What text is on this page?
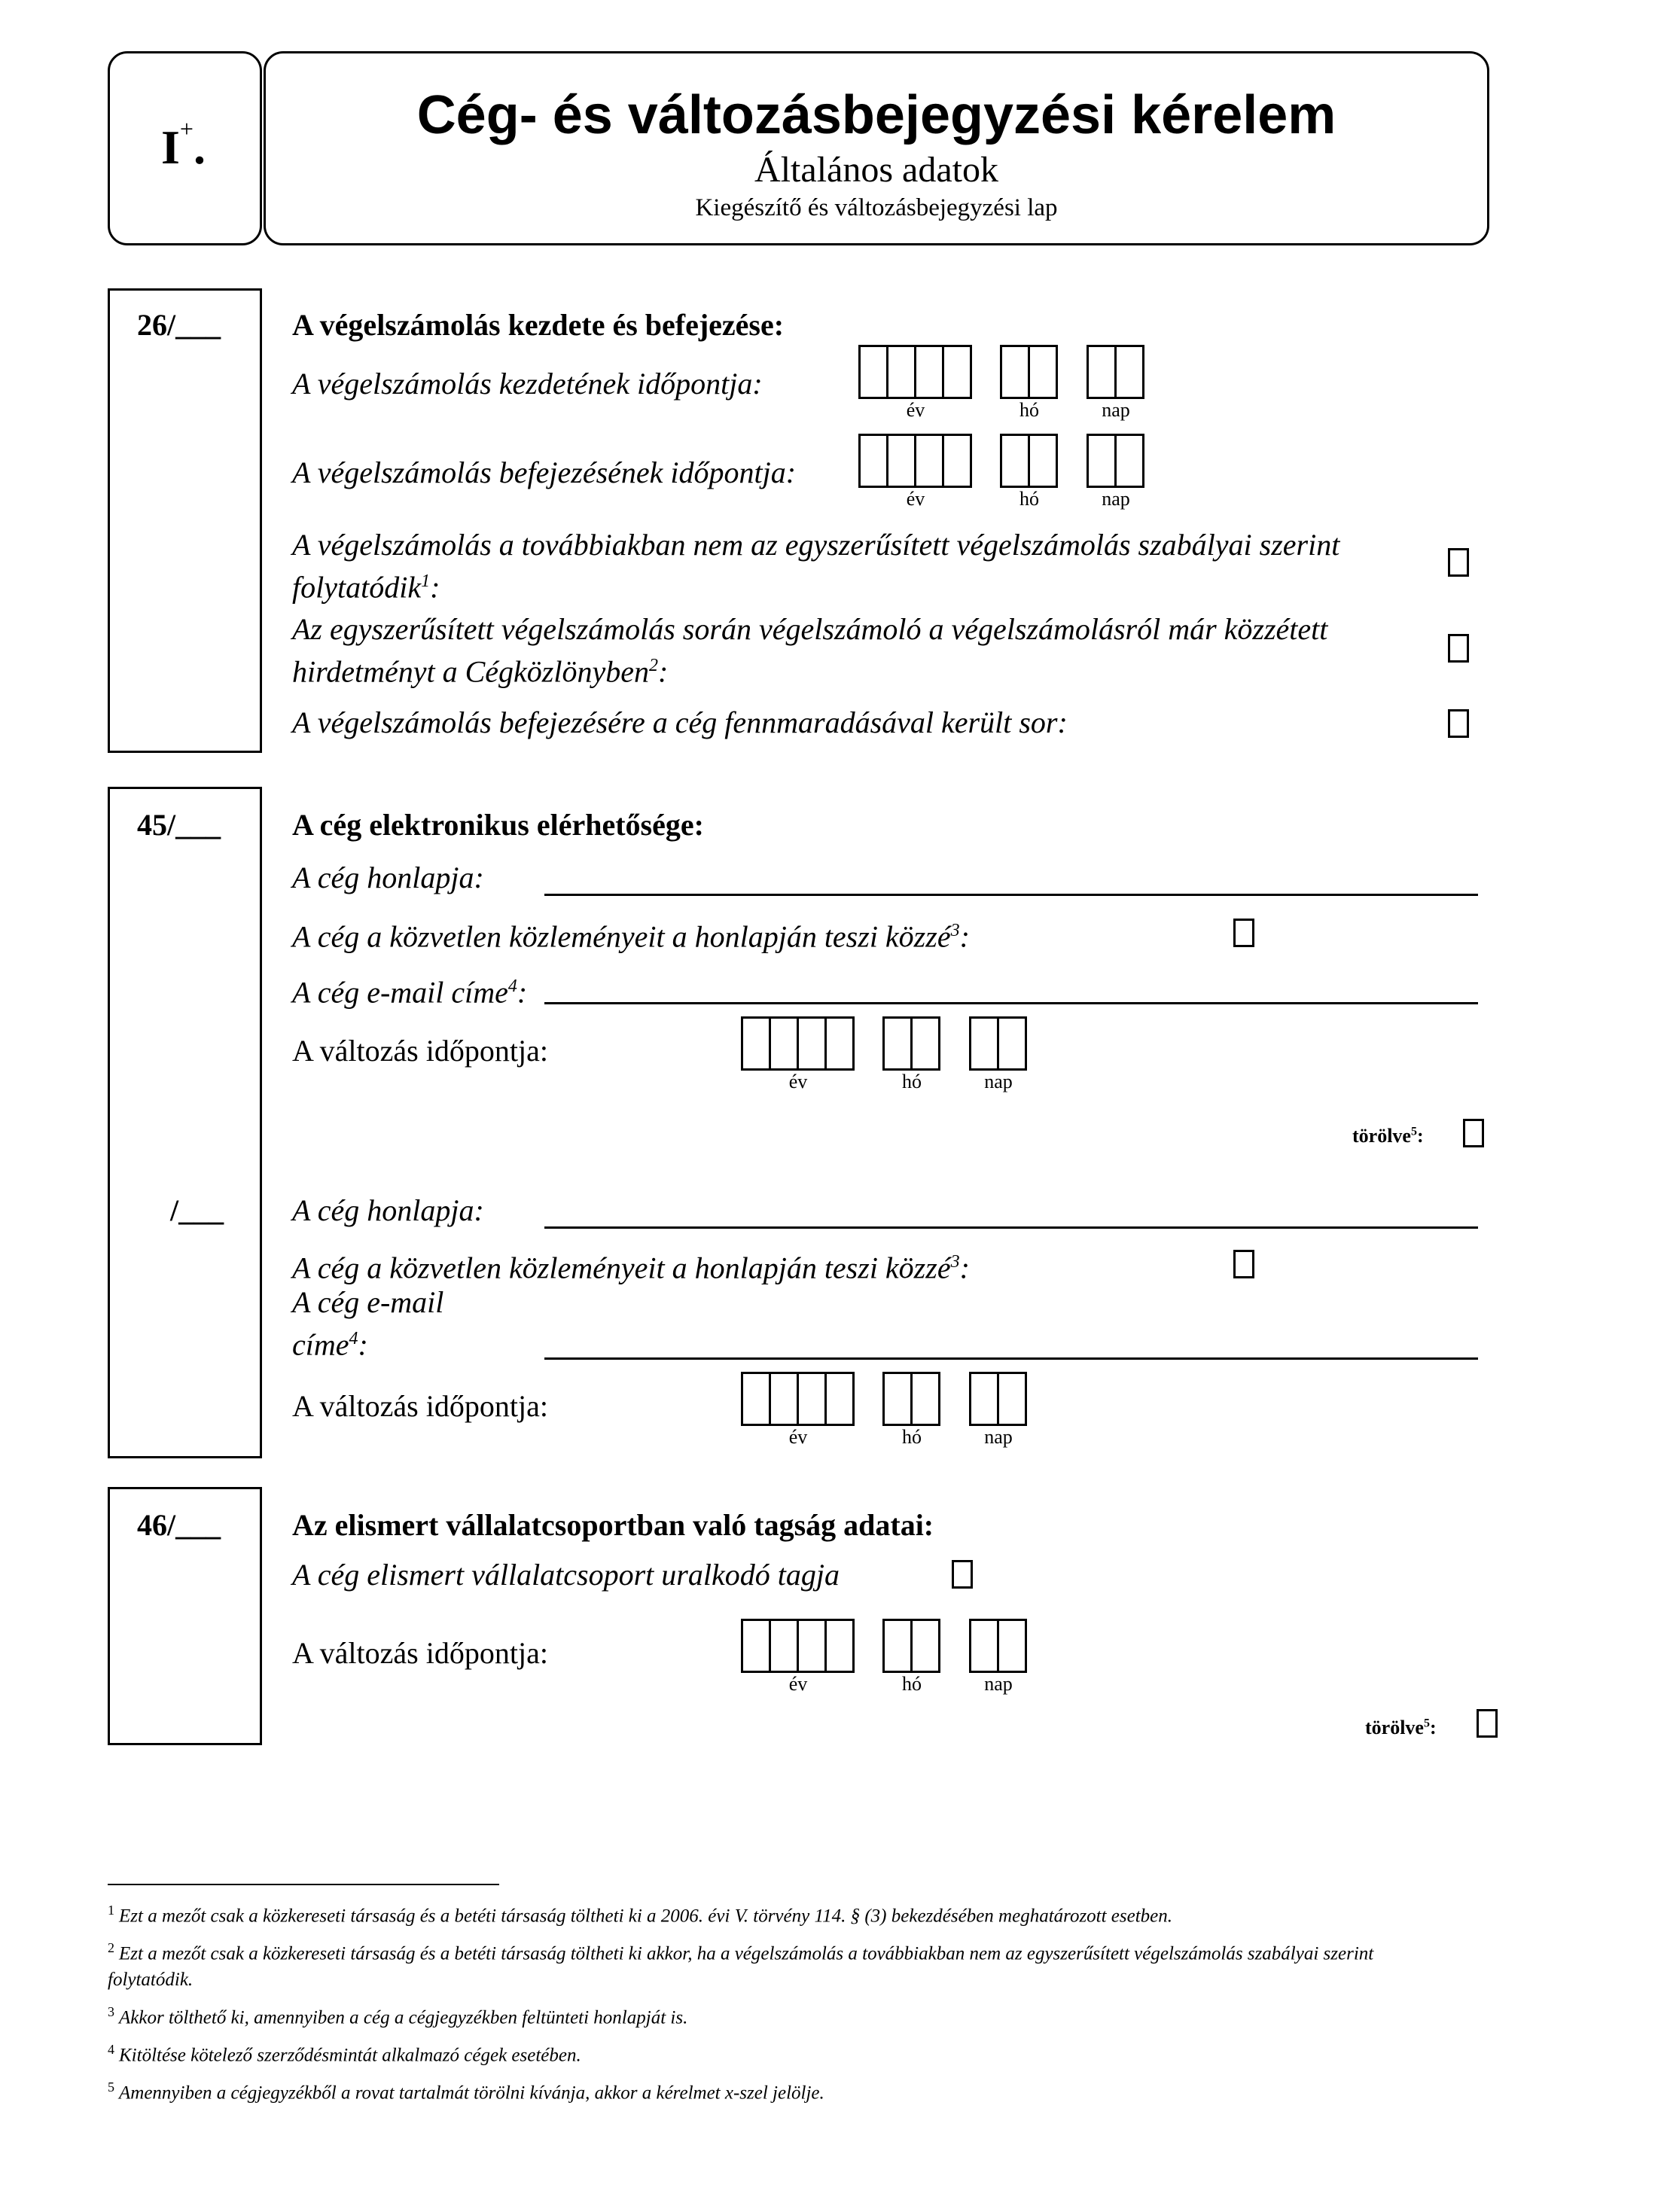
I+.
Cég- és változásbejegyzési kérelem
Általános adatok
Kiegészítő és változásbejegyzési lap
26/___ A végelszámolás kezdete és befejezése:
A végelszámolás kezdetének időpontja:
év	hó	nap
A végelszámolás befejezésének időpontja:
év	hó	nap
A végelszámolás a továbbiakban nem az egyszerűsített végelszámolás szabályai szerint
folytatódik$^1$:
Az egyszerűsített végelszámolás során végelszámoló a végelszámolásról már közzétett
hirdetményt a Cégközlönyben$^2$:
A végelszámolás befejezésére a cég fennmaradásával került sor:
45/___ A cég elektronikus elérhetősége:
A cég honlapja:
A cég a közvetlen közleményeit a honlapján teszi közzé$^3$:
A cég e-mail címe$^4$:
A változás időpontja:
év	hó	nap
törölve$^5$:
/___ A cég honlapja:
A cég a közvetlen közleményeit a honlapján teszi közzé$^3$:
A cég e-mail
címe$^4$:
A változás időpontja:
év	hó	nap
46/___ Az elismert vállalatcsoportban való tagság adatai:
A cég elismert vállalatcsoport uralkodó tagja
A változás időpontja:
év	hó	nap
törölve$^5$:
$^1$ Ezt a mezőt csak a közkereseti társaság és a betéti társaság töltheti ki a 2006. évi V. törvény 114. § (3) bekezdésében meghatározott esetben.
$^2$ Ezt a mezőt csak a közkereseti társaság és a betéti társaság töltheti ki akkor, ha a végelszámolás a továbbiakban nem az egyszerűsített végelszámolás szabályai szerint folytatódik.
$^3$ Akkor tölthető ki, amennyiben a cég a cégjegyzékben feltünteti honlapját is.
$^4$ Kitöltése kötelező szerződésmintát alkalmazó cégek esetében.
$^5$ Amennyiben a cégjegyzékből a rovat tartalmát törölni kívánja, akkor a kérelmet x-szel jelölje.
